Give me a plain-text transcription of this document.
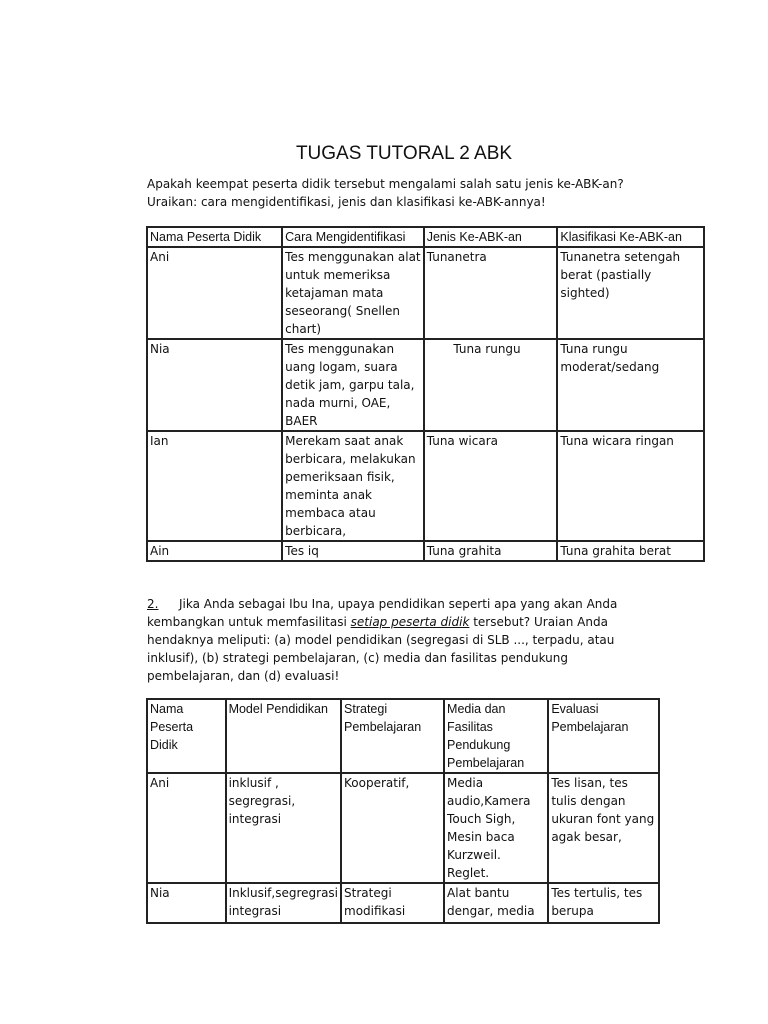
TUGAS TUTORAL 2 ABK
Apakah keempat peserta didik tersebut mengalami salah satu jenis ke-ABK-an?
Uraikan: cara mengidentifikasi, jenis dan klasifikasi ke-ABK-annya!
Nama Peserta Didik	Cara Mengidentifikasi	Jenis Ke-ABK-an	Klasifikasi Ke-ABK-an
Ani	Tes menggunakan alat untuk memeriksa ketajaman mata seseorang( Snellen chart)	Tunanetra	Tunanetra setengah berat (pastially sighted)
Nia	Tes menggunakan uang logam, suara detik jam, garpu tala, nada murni, OAE, BAER	Tuna rungu	Tuna rungu moderat/sedang
Ian	Merekam saat anak berbicara, melakukan pemeriksaan fisik, meminta anak membaca atau berbicara,	Tuna wicara	Tuna wicara ringan
Ain	Tes iq	Tuna grahita	Tuna grahita berat
2. Jika Anda sebagai Ibu Ina, upaya pendidikan seperti apa yang akan Anda kembangkan untuk memfasilitasi setiap peserta didik tersebut? Uraian Anda hendaknya meliputi: (a) model pendidikan (segregasi di SLB ..., terpadu, atau inklusif), (b) strategi pembelajaran, (c) media dan fasilitas pendukung pembelajaran, dan (d) evaluasi!
Nama Peserta Didik	Model Pendidikan	Strategi Pembelajaran	Media dan Fasilitas Pendukung Pembelajaran	Evaluasi Pembelajaran
Ani	inklusif , segregrasi, integrasi	Kooperatif,	Media audio,Kamera Touch Sigh, Mesin baca Kurzweil. Reglet.	Tes lisan, tes tulis dengan ukuran font yang agak besar,
Nia	Inklusif,segregrasi integrasi	Strategi modifikasi	Alat bantu dengar, media	Tes tertulis, tes berupa
